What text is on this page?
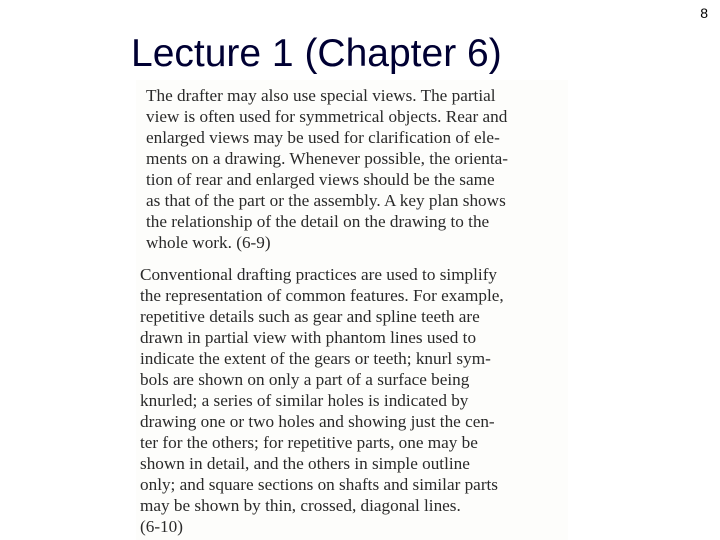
8
Lecture 1 (Chapter 6)
The drafter may also use special views. The partial
view is often used for symmetrical objects. Rear and
enlarged views may be used for clarification of ele-
ments on a drawing. Whenever possible, the orienta-
tion of rear and enlarged views should be the same
as that of the part or the assembly. A key plan shows
the relationship of the detail on the drawing to the
whole work. (6-9)
Conventional drafting practices are used to simplify
the representation of common features. For example,
repetitive details such as gear and spline teeth are
drawn in partial view with phantom lines used to
indicate the extent of the gears or teeth; knurl sym-
bols are shown on only a part of a surface being
knurled; a series of similar holes is indicated by
drawing one or two holes and showing just the cen-
ter for the others; for repetitive parts, one may be
shown in detail, and the others in simple outline
only; and square sections on shafts and similar parts
may be shown by thin, crossed, diagonal lines.
(6-10)
